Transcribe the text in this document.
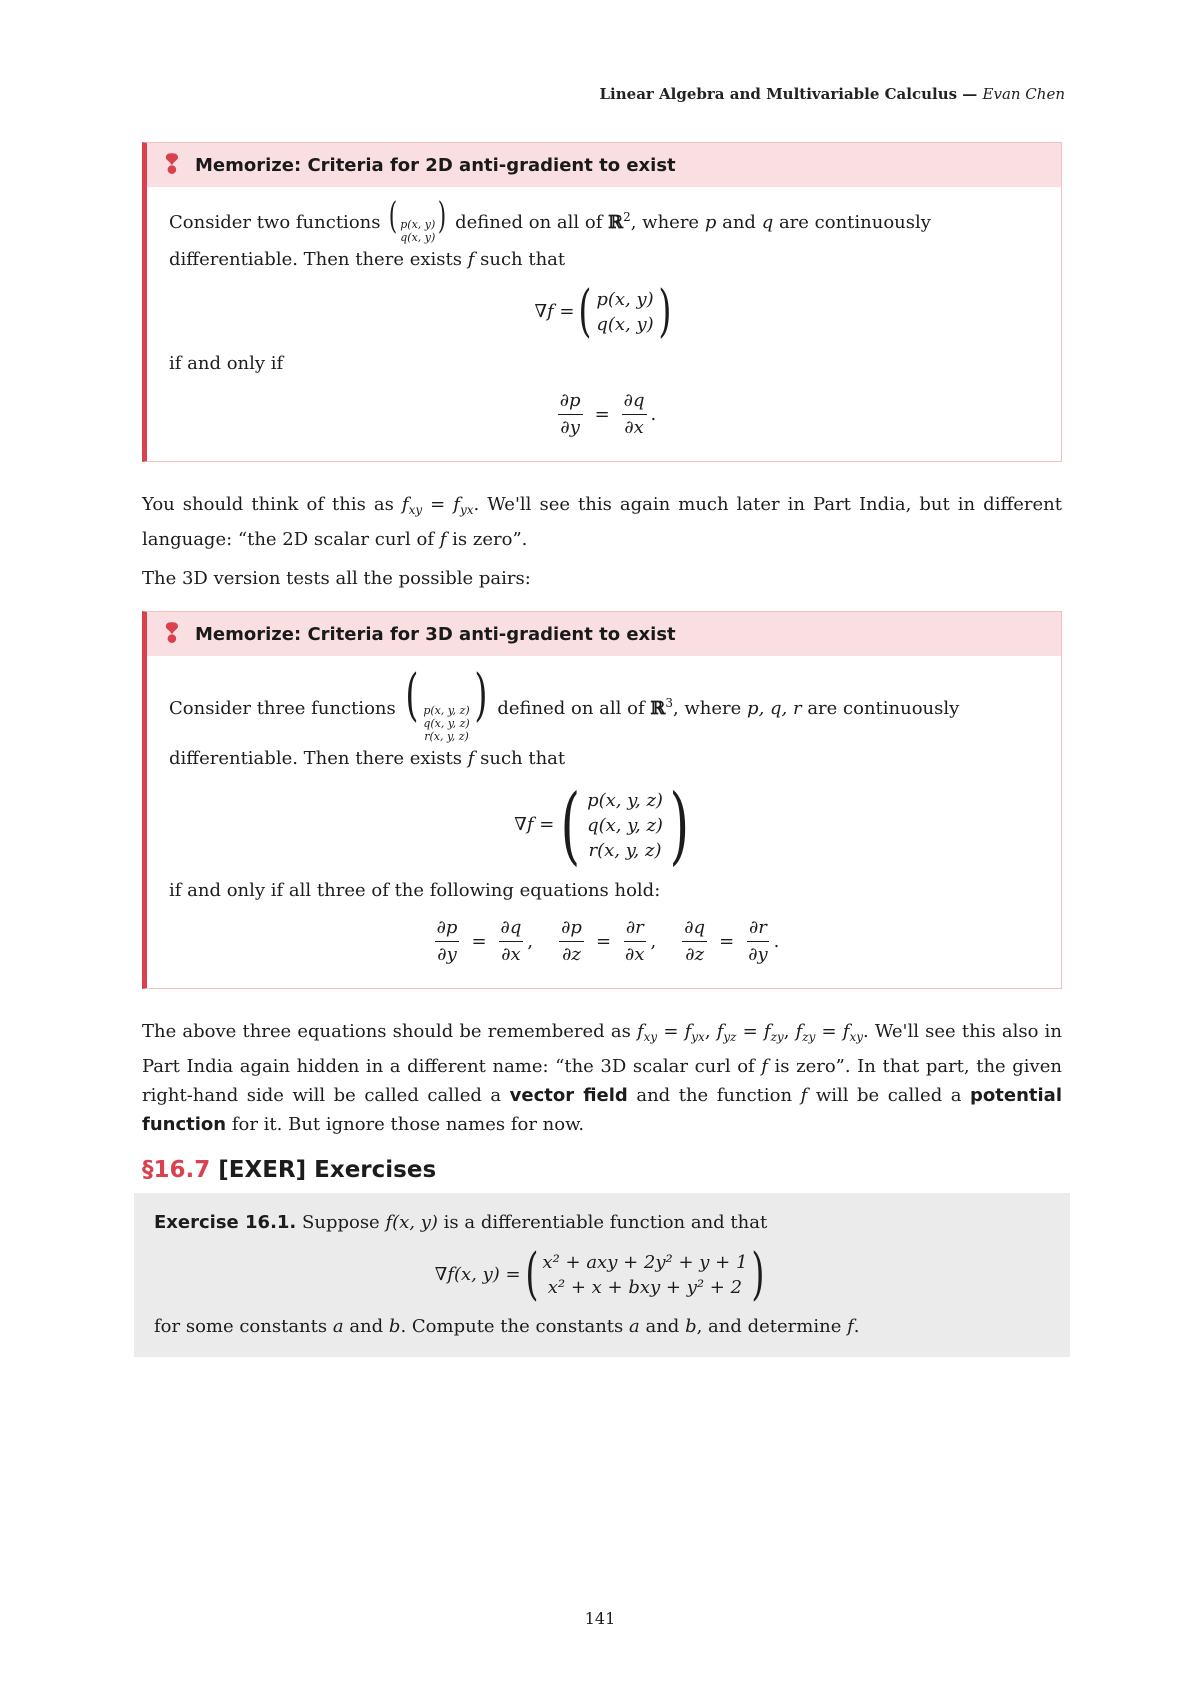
Linear Algebra and Multivariable Calculus — Evan Chen
❢ Memorize: Criteria for 2D anti-gradient to exist
Consider two functions ( p(x, y)
q(x, y)
) defined on all of ℝ$^2$, where p and q are continuously differentiable. Then there exists f such that
∇f = ( p(x, y)
q(x, y) )
if and only if
$\frac{\partial p}{\partial y} = \frac{\partial q}{\partial x}$ .

You should think of this as $f_{xy} = f_{yx}$. We'll see this again much later in Part India, but in different language: “the 2D scalar curl of f is zero”.

The 3D version tests all the possible pairs:

❢ Memorize: Criteria for 3D anti-gradient to exist
Consider three functions ( p(x, y, z)
q(x, y, z)
r(x, y, z)
) defined on all of ℝ$^3$, where p, q, r are continuously differentiable. Then there exists f such that
∇f = ( p(x, y, z)
q(x, y, z)
r(x, y, z) )
if and only if all three of the following equations hold:
$\frac{\partial p}{\partial y} = \frac{\partial q}{\partial x}$ , $\frac{\partial p}{\partial z} = \frac{\partial r}{\partial x}$ , $\frac{\partial q}{\partial z} = \frac{\partial r}{\partial y}$ .

The above three equations should be remembered as $f_{xy} = f_{yx}$, $f_{yz} = f_{zy}$, $f_{zy} = f_{xy}$. We'll see this also in Part India again hidden in a different name: “the 3D scalar curl of f is zero”. In that part, the given right-hand side will be called called a vector field and the function f will be called a potential function for it. But ignore those names for now.

§16.7 [EXER] Exercises
Exercise 16.1. Suppose f(x, y) is a differentiable function and that
∇f(x, y) = ( x² + axy + 2y² + y + 1
x² + x + bxy + y² + 2 )
for some constants a and b. Compute the constants a and b, and determine f.
141
